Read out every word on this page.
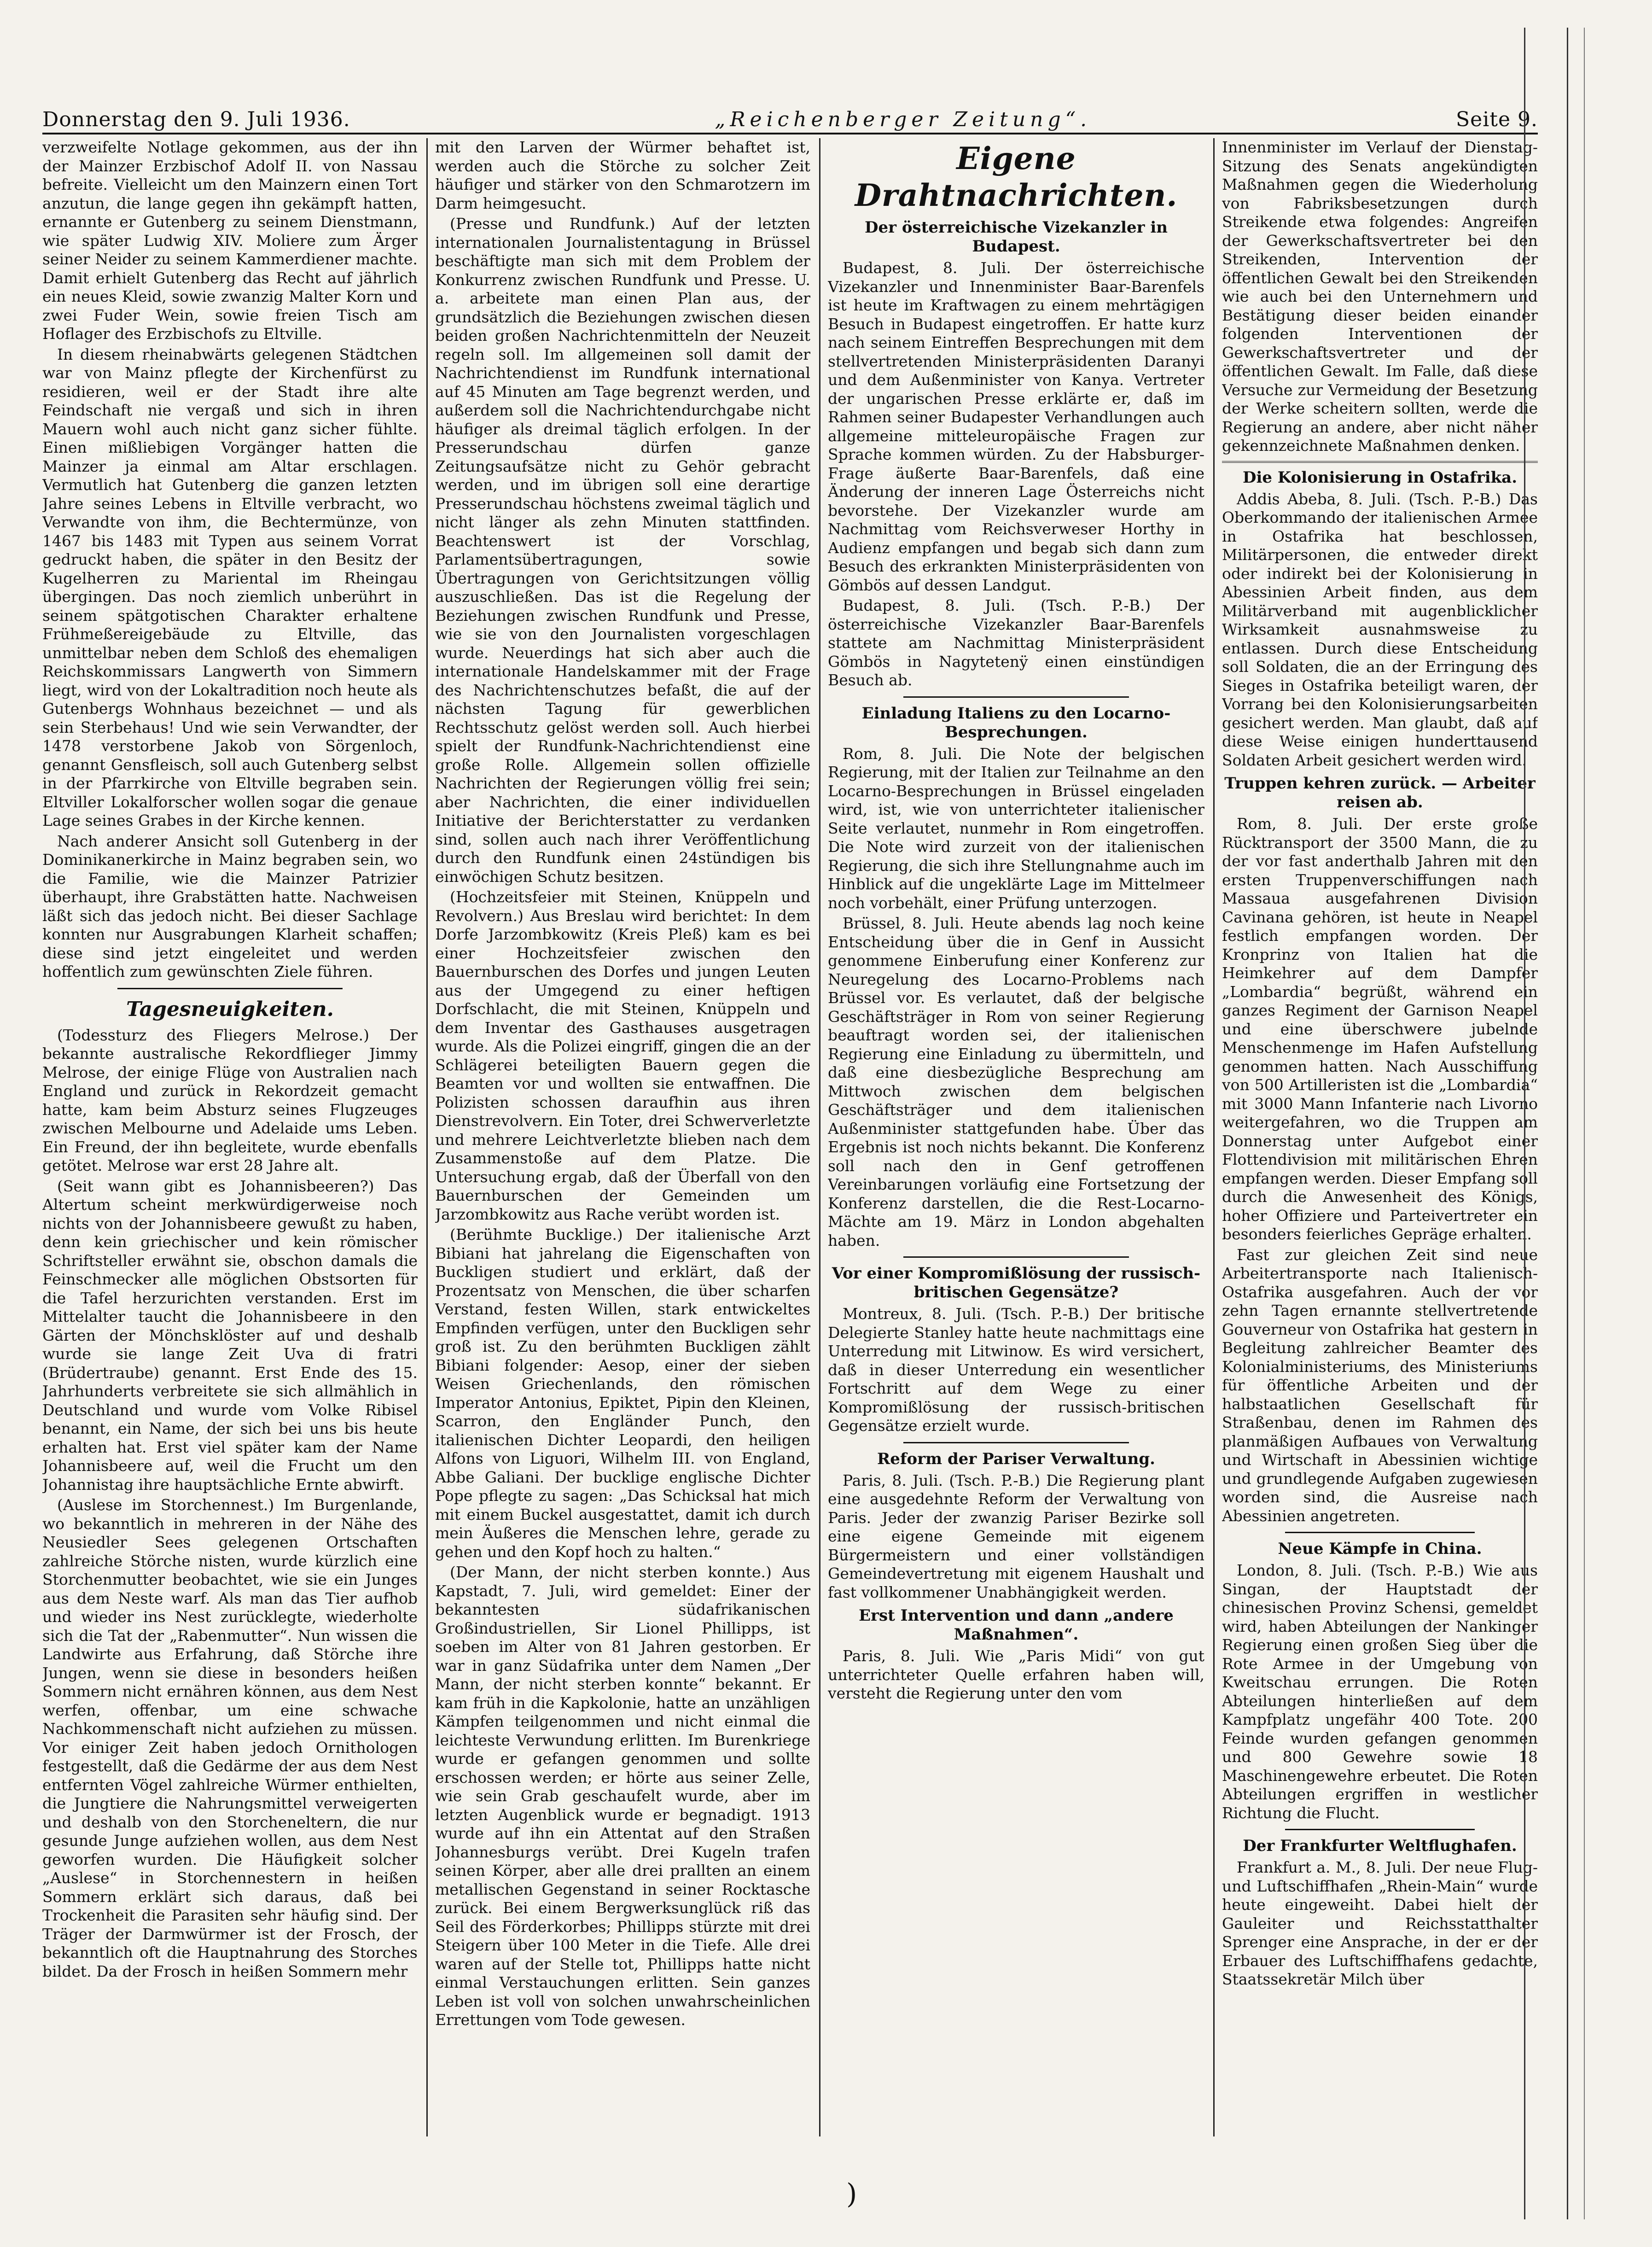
Donnerstag den 9. Juli 1936.	„Reichenberger Zeitung“.	Seite 9.

verzweifelte Notlage gekommen, aus der ihn der Mainzer Erzbischof Adolf II. von Nassau befreite. Vielleicht um den Mainzern einen Tort anzutun, die lange gegen ihn gekämpft hatten, ernannte er Gutenberg zu seinem Dienstmann, wie später Ludwig XIV. Moliere zum Ärger seiner Neider zu seinem Kammerdiener machte. Damit erhielt Gutenberg das Recht auf jährlich ein neues Kleid, sowie zwanzig Malter Korn und zwei Fuder Wein, sowie freien Tisch am Hoflager des Erzbischofs zu Eltville.

In diesem rheinabwärts gelegenen Städtchen war von Mainz pflegte der Kirchenfürst zu residieren, weil er der Stadt ihre alte Feindschaft nie vergaß und sich in ihren Mauern wohl auch nicht ganz sicher fühlte. Einen mißliebigen Vorgänger hatten die Mainzer ja einmal am Altar erschlagen. Vermutlich hat Gutenberg die ganzen letzten Jahre seines Lebens in Eltville verbracht, wo Verwandte von ihm, die Bechtermünze, von 1467 bis 1483 mit Typen aus seinem Vorrat gedruckt haben, die später in den Besitz der Kugelherren zu Mariental im Rheingau übergingen. Das noch ziemlich unberührt in seinem spätgotischen Charakter erhaltene Frühmeßereigebäude zu Eltville, das unmittelbar neben dem Schloß des ehemaligen Reichskommissars Langwerth von Simmern liegt, wird von der Lokaltradition noch heute als Gutenbergs Wohnhaus bezeichnet — und als sein Sterbehaus! Und wie sein Verwandter, der 1478 verstorbene Jakob von Sörgenloch, genannt Gensfleisch, soll auch Gutenberg selbst in der Pfarrkirche von Eltville begraben sein. Eltviller Lokalforscher wollen sogar die genaue Lage seines Grabes in der Kirche kennen.

Nach anderer Ansicht soll Gutenberg in der Dominikanerkirche in Mainz begraben sein, wo die Familie, wie die Mainzer Patrizier überhaupt, ihre Grabstätten hatte. Nachweisen läßt sich das jedoch nicht. Bei dieser Sachlage konnten nur Ausgrabungen Klarheit schaffen; diese sind jetzt eingeleitet und werden hoffentlich zum gewünschten Ziele führen.

Tagesneuigkeiten.

(Todessturz des Fliegers Melrose.) Der bekannte australische Rekordflieger Jimmy Melrose, der einige Flüge von Australien nach England und zurück in Rekordzeit gemacht hatte, kam beim Absturz seines Flugzeuges zwischen Melbourne und Adelaide ums Leben. Ein Freund, der ihn begleitete, wurde ebenfalls getötet. Melrose war erst 28 Jahre alt.

(Seit wann gibt es Johannisbeeren?) Das Altertum scheint merkwürdigerweise noch nichts von der Johannisbeere gewußt zu haben, denn kein griechischer und kein römischer Schriftsteller erwähnt sie, obschon damals die Feinschmecker alle möglichen Obstsorten für die Tafel herzurichten verstanden. Erst im Mittelalter taucht die Johannisbeere in den Gärten der Mönchsklöster auf und deshalb wurde sie lange Zeit Uva di fratri (Brüdertraube) genannt. Erst Ende des 15. Jahrhunderts verbreitete sie sich allmählich in Deutschland und wurde vom Volke Ribisel benannt, ein Name, der sich bei uns bis heute erhalten hat. Erst viel später kam der Name Johannisbeere auf, weil die Frucht um den Johannistag ihre hauptsächliche Ernte abwirft.

(Auslese im Storchennest.) Im Burgenlande, wo bekanntlich in mehreren in der Nähe des Neusiedler Sees gelegenen Ortschaften zahlreiche Störche nisten, wurde kürzlich eine Storchenmutter beobachtet, wie sie ein Junges aus dem Neste warf. Als man das Tier aufhob und wieder ins Nest zurücklegte, wiederholte sich die Tat der „Rabenmutter“. Nun wissen die Landwirte aus Erfahrung, daß Störche ihre Jungen, wenn sie diese in besonders heißen Sommern nicht ernähren können, aus dem Nest werfen, offenbar, um eine schwache Nachkommenschaft nicht aufziehen zu müssen. Vor einiger Zeit haben jedoch Ornithologen festgestellt, daß die Gedärme der aus dem Nest entfernten Vögel zahlreiche Würmer enthielten, die Jungtiere die Nahrungsmittel verweigerten und deshalb von den Storcheneltern, die nur gesunde Junge aufziehen wollen, aus dem Nest geworfen wurden. Die Häufigkeit solcher „Auslese“ in Storchennestern in heißen Sommern erklärt sich daraus, daß bei Trockenheit die Parasiten sehr häufig sind. Der Träger der Darmwürmer ist der Frosch, der bekanntlich oft die Hauptnahrung des Storches bildet. Da der Frosch in heißen Sommern mehr

mit den Larven der Würmer behaftet ist, werden auch die Störche zu solcher Zeit häufiger und stärker von den Schmarotzern im Darm heimgesucht.

(Presse und Rundfunk.) Auf der letzten internationalen Journalistentagung in Brüssel beschäftigte man sich mit dem Problem der Konkurrenz zwischen Rundfunk und Presse. U. a. arbeitete man einen Plan aus, der grundsätzlich die Beziehungen zwischen diesen beiden großen Nachrichtenmitteln der Neuzeit regeln soll. Im allgemeinen soll damit der Nachrichtendienst im Rundfunk international auf 45 Minuten am Tage begrenzt werden, und außerdem soll die Nachrichtendurchgabe nicht häufiger als dreimal täglich erfolgen. In der Presserundschau dürfen ganze Zeitungsaufsätze nicht zu Gehör gebracht werden, und im übrigen soll eine derartige Presserundschau höchstens zweimal täglich und nicht länger als zehn Minuten stattfinden. Beachtenswert ist der Vorschlag, Parlamentsübertragungen, sowie Übertragungen von Gerichtsitzungen völlig auszuschließen. Das ist die Regelung der Beziehungen zwischen Rundfunk und Presse, wie sie von den Journalisten vorgeschlagen wurde. Neuerdings hat sich aber auch die internationale Handelskammer mit der Frage des Nachrichtenschutzes befaßt, die auf der nächsten Tagung für gewerblichen Rechtsschutz gelöst werden soll. Auch hierbei spielt der Rundfunk-Nachrichtendienst eine große Rolle. Allgemein sollen offizielle Nachrichten der Regierungen völlig frei sein; aber Nachrichten, die einer individuellen Initiative der Berichterstatter zu verdanken sind, sollen auch nach ihrer Veröffentlichung durch den Rundfunk einen 24stündigen bis einwöchigen Schutz besitzen.

(Hochzeitsfeier mit Steinen, Knüppeln und Revolvern.) Aus Breslau wird berichtet: In dem Dorfe Jarzombkowitz (Kreis Pleß) kam es bei einer Hochzeitsfeier zwischen den Bauernburschen des Dorfes und jungen Leuten aus der Umgegend zu einer heftigen Dorfschlacht, die mit Steinen, Knüppeln und dem Inventar des Gasthauses ausgetragen wurde. Als die Polizei eingriff, gingen die an der Schlägerei beteiligten Bauern gegen die Beamten vor und wollten sie entwaffnen. Die Polizisten schossen daraufhin aus ihren Dienstrevolvern. Ein Toter, drei Schwerverletzte und mehrere Leichtverletzte blieben nach dem Zusammenstoße auf dem Platze. Die Untersuchung ergab, daß der Überfall von den Bauernburschen der Gemeinden um Jarzombkowitz aus Rache verübt worden ist.

(Berühmte Bucklige.) Der italienische Arzt Bibiani hat jahrelang die Eigenschaften von Buckligen studiert und erklärt, daß der Prozentsatz von Menschen, die über scharfen Verstand, festen Willen, stark entwickeltes Empfinden verfügen, unter den Buckligen sehr groß ist. Zu den berühmten Buckligen zählt Bibiani folgender: Aesop, einer der sieben Weisen Griechenlands, den römischen Imperator Antonius, Epiktet, Pipin den Kleinen, Scarron, den Engländer Punch, den italienischen Dichter Leopardi, den heiligen Alfons von Liguori, Wilhelm III. von England, Abbe Galiani. Der bucklige englische Dichter Pope pflegte zu sagen: „Das Schicksal hat mich mit einem Buckel ausgestattet, damit ich durch mein Äußeres die Menschen lehre, gerade zu gehen und den Kopf hoch zu halten.“

(Der Mann, der nicht sterben konnte.) Aus Kapstadt, 7. Juli, wird gemeldet: Einer der bekanntesten südafrikanischen Großindustriellen, Sir Lionel Phillipps, ist soeben im Alter von 81 Jahren gestorben. Er war in ganz Südafrika unter dem Namen „Der Mann, der nicht sterben konnte“ bekannt. Er kam früh in die Kapkolonie, hatte an unzähligen Kämpfen teilgenommen und nicht einmal die leichteste Verwundung erlitten. Im Burenkriege wurde er gefangen genommen und sollte erschossen werden; er hörte aus seiner Zelle, wie sein Grab geschaufelt wurde, aber im letzten Augenblick wurde er begnadigt. 1913 wurde auf ihn ein Attentat auf den Straßen Johannesburgs verübt. Drei Kugeln trafen seinen Körper, aber alle drei prallten an einem metallischen Gegenstand in seiner Rocktasche zurück. Bei einem Bergwerksunglück riß das Seil des Förderkorbes; Phillipps stürzte mit drei Steigern über 100 Meter in die Tiefe. Alle drei waren auf der Stelle tot, Phillipps hatte nicht einmal Verstauchungen erlitten. Sein ganzes Leben ist voll von solchen unwahrscheinlichen Errettungen vom Tode gewesen.

Eigene Drahtnachrichten.
Der österreichische Vizekanzler in Budapest.

Budapest, 8. Juli. Der österreichische Vizekanzler und Innenminister Baar-Barenfels ist heute im Kraftwagen zu einem mehrtägigen Besuch in Budapest eingetroffen. Er hatte kurz nach seinem Eintreffen Besprechungen mit dem stellvertretenden Ministerpräsidenten Daranyi und dem Außenminister von Kanya. Vertreter der ungarischen Presse erklärte er, daß im Rahmen seiner Budapester Verhandlungen auch allgemeine mitteleuropäische Fragen zur Sprache kommen würden. Zu der Habsburger-Frage äußerte Baar-Barenfels, daß eine Änderung der inneren Lage Österreichs nicht bevorstehe. Der Vizekanzler wurde am Nachmittag vom Reichsverweser Horthy in Audienz empfangen und begab sich dann zum Besuch des erkrankten Ministerpräsidenten von Gömbös auf dessen Landgut.

Budapest, 8. Juli. (Tsch. P.-B.) Der österreichische Vizekanzler Baar-Barenfels stattete am Nachmittag Ministerpräsident Gömbös in Nagytetenÿ einen einstündigen Besuch ab.

Einladung Italiens zu den Locarno-Besprechungen.

Rom, 8. Juli. Die Note der belgischen Regierung, mit der Italien zur Teilnahme an den Locarno-Besprechungen in Brüssel eingeladen wird, ist, wie von unterrichteter italienischer Seite verlautet, nunmehr in Rom eingetroffen. Die Note wird zurzeit von der italienischen Regierung, die sich ihre Stellungnahme auch im Hinblick auf die ungeklärte Lage im Mittelmeer noch vorbehält, einer Prüfung unterzogen.

Brüssel, 8. Juli. Heute abends lag noch keine Entscheidung über die in Genf in Aussicht genommene Einberufung einer Konferenz zur Neuregelung des Locarno-Problems nach Brüssel vor. Es verlautet, daß der belgische Geschäftsträger in Rom von seiner Regierung beauftragt worden sei, der italienischen Regierung eine Einladung zu übermitteln, und daß eine diesbezügliche Besprechung am Mittwoch zwischen dem belgischen Geschäftsträger und dem italienischen Außenminister stattgefunden habe. Über das Ergebnis ist noch nichts bekannt. Die Konferenz soll nach den in Genf getroffenen Vereinbarungen vorläufig eine Fortsetzung der Konferenz darstellen, die die Rest-Locarno-Mächte am 19. März in London abgehalten haben.

Vor einer Kompromißlösung der russisch-britischen Gegensätze?

Montreux, 8. Juli. (Tsch. P.-B.) Der britische Delegierte Stanley hatte heute nachmittags eine Unterredung mit Litwinow. Es wird versichert, daß in dieser Unterredung ein wesentlicher Fortschritt auf dem Wege zu einer Kompromißlösung der russisch-britischen Gegensätze erzielt wurde.

Reform der Pariser Verwaltung.

Paris, 8. Juli. (Tsch. P.-B.) Die Regierung plant eine ausgedehnte Reform der Verwaltung von Paris. Jeder der zwanzig Pariser Bezirke soll eine eigene Gemeinde mit eigenem Bürgermeistern und einer vollständigen Gemeindevertretung mit eigenem Haushalt und fast vollkommener Unabhängigkeit werden.

Erst Intervention und dann „andere Maßnahmen“.

Paris, 8. Juli. Wie „Paris Midi“ von gut unterrichteter Quelle erfahren haben will, versteht die Regierung unter den vom

Innenminister im Verlauf der Dienstag-Sitzung des Senats angekündigten Maßnahmen gegen die Wiederholung von Fabriksbesetzungen durch Streikende etwa folgendes: Angreifen der Gewerkschaftsvertreter bei den Streikenden, Intervention der öffentlichen Gewalt bei den Streikenden wie auch bei den Unternehmern und Bestätigung dieser beiden einander folgenden Interventionen der Gewerkschaftsvertreter und der öffentlichen Gewalt. Im Falle, daß diese Versuche zur Vermeidung der Besetzung der Werke scheitern sollten, werde die Regierung an andere, aber nicht näher gekennzeichnete Maßnahmen denken.

Die Kolonisierung in Ostafrika.

Addis Abeba, 8. Juli. (Tsch. P.-B.) Das Oberkommando der italienischen Armee in Ostafrika hat beschlossen, Militärpersonen, die entweder direkt oder indirekt bei der Kolonisierung in Abessinien Arbeit finden, aus dem Militärverband mit augenblicklicher Wirksamkeit ausnahmsweise zu entlassen. Durch diese Entscheidung soll Soldaten, die an der Erringung des Sieges in Ostafrika beteiligt waren, der Vorrang bei den Kolonisierungsarbeiten gesichert werden. Man glaubt, daß auf diese Weise einigen hunderttausend Soldaten Arbeit gesichert werden wird.

Truppen kehren zurück. — Arbeiter reisen ab.

Rom, 8. Juli. Der erste große Rücktransport der 3500 Mann, die zu der vor fast anderthalb Jahren mit den ersten Truppenverschiffungen nach Massaua ausgefahrenen Division Cavinana gehören, ist heute in Neapel festlich empfangen worden. Der Kronprinz von Italien hat die Heimkehrer auf dem Dampfer „Lombardia“ begrüßt, während ein ganzes Regiment der Garnison Neapel und eine überschwere jubelnde Menschenmenge im Hafen Aufstellung genommen hatten. Nach Ausschiffung von 500 Artilleristen ist die „Lombardia“ mit 3000 Mann Infanterie nach Livorno weitergefahren, wo die Truppen am Donnerstag unter Aufgebot einer Flottendivision mit militärischen Ehren empfangen werden. Dieser Empfang soll durch die Anwesenheit des Königs, hoher Offiziere und Parteivertreter ein besonders feierliches Gepräge erhalten.

Fast zur gleichen Zeit sind neue Arbeitertransporte nach Italienisch-Ostafrika ausgefahren. Auch der vor zehn Tagen ernannte stellvertretende Gouverneur von Ostafrika hat gestern in Begleitung zahlreicher Beamter des Kolonialministeriums, des Ministeriums für öffentliche Arbeiten und der halbstaatlichen Gesellschaft für Straßenbau, denen im Rahmen des planmäßigen Aufbaues von Verwaltung und Wirtschaft in Abessinien wichtige und grundlegende Aufgaben zugewiesen worden sind, die Ausreise nach Abessinien angetreten.

Neue Kämpfe in China.

London, 8. Juli. (Tsch. P.-B.) Wie aus Singan, der Hauptstadt der chinesischen Provinz Schensi, gemeldet wird, haben Abteilungen der Nankinger Regierung einen großen Sieg über die Rote Armee in der Umgebung von Kweitschau errungen. Die Roten Abteilungen hinterließen auf dem Kampfplatz ungefähr 400 Tote. 200 Feinde wurden gefangen genommen und 800 Gewehre sowie 18 Maschinengewehre erbeutet. Die Roten Abteilungen ergriffen in westlicher Richtung die Flucht.

Der Frankfurter Weltflughafen.

Frankfurt a. M., 8. Juli. Der neue Flug- und Luftschiffhafen „Rhein-Main“ wurde heute eingeweiht. Dabei hielt der Gauleiter und Reichsstatthalter Sprenger eine Ansprache, in der er der Erbauer des Luftschiffhafens gedachte, Staatssekretär Milch über

)
